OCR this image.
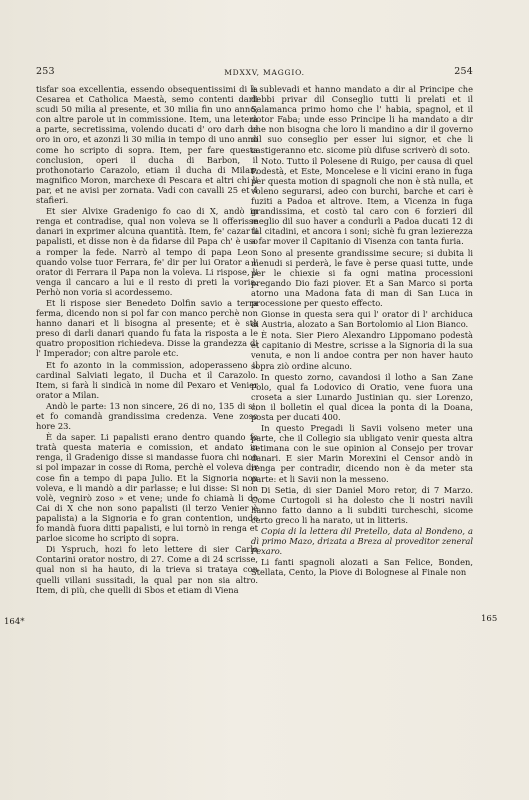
253	MDXXV, MAGGIO.	254

tisfar soa excellentia, essendo obsequentissimi di la Cesarea et Catholica Maestà, semo contenti darli scudi 50 milia al presente, et 30 milia fin uno anno; con altre parole ut in commissione. Item, una letera a parte, secretissima, volendo ducati d' oro darh de oro in oro, et azonzi li 30 milia in tempo di uno anno come ho scripto di sopra. Item, per fare questa conclusion, operi il ducha di Barbon, il prothonotario Carazolo, etiam il ducha di Milan, magnifico Moron, marchexe di Pescara et altri chi li par, et ne avisi per zornata. Vadi con cavalli 25 et 4 stafieri.

Et sier Alvixe Gradenigo fo cao di X, andò in renga et contradise, qual non voleva se li offerisse danari in exprimer alcuna quantità. Item, fe' cazar li papalisti, et disse non è da fidarse dil Papa ch' è uso a romper la fede. Narrò al tempo di papa Leon quando volse tuor Ferrara, fe' dir per lui Orator a l' orator di Ferrara il Papa non la voleva. Li rispose, li venga il cancaro a lui e il resto di preti la voria. Perhò non voria si acordessemo.

Et li rispose sier Benedeto Dolfin savio a terra ferma, dicendo non si pol far con manco perchè non hanno danari et li bisogna al presente; et è stà preso di darli danari quando fu fata la risposta a le quatro proposition richiedeva. Disse la grandezza di l' Imperador; con altre parole etc.

Et fo azonto in la commission, adoperasseno il cardinal Salviati legato, il Ducha et il Carazolo. Item, si farà li sindicà in nome dil Pexaro et Venier orator a Milan.

Andò le parte: 13 non sincere, 26 di no, 135 di si; et fo comandà grandissima credenza. Vene zoso hore 23.

È da saper. Li papalisti erano dentro quando fo tratà questa materia e comission, et andato in renga, il Gradenigo disse si mandasse fuora chi non si pol impazar in cosse di Roma, perchè el voleva dir cose fin a tempo di papa Julio. Et la Signoria non voleva, e li mandò a dir parlasse; e lui disse: Si non volè, vegnirò zoso » et vene; unde fo chiamà li do Cai di X che non sono papalisti (il terzo Venier è papalista) a la Signoria e fo gran contention, unde fo mandà fuora ditti papalisti, e lui tornò in renga et parloe sicome ho scripto di sopra.

Di Yspruch, hozi fo leto lettere di sier Carlo Contarini orator nostro, di 27. Come a di 24 scrisse, qual non si ha hauto, di la trieva si trataya con quelli villani sussitadi, la qual par non sia altro. Item, di più, che quelli di Sbos et etiam di Viena

è sublevadi et hanno mandato a dir al Principe che debbi privar dil Conseglio tutti li prelati et il Salamanca primo homo che l' habia, spagnol, et il dotor Faba; unde esso Principe li ha mandato a dir che non bisogna che loro li mandino a dir il governo dil suo conseglio per esser lui signor, et che li castigeranno etc. sicome più difuse scriverò di soto.

Noto. Tutto il Polesene di Ruigo, per causa di quel Podestà, et Este, Moncelese e li vicini erano in fuga per questa motion di spagnoli che non è stà nulla, et voleno segurarsi, adeo con burchi, barche et cari è fuziti a Padoa et altrove. Item, a Vicenza in fuga grandissima, et costò tal caro con 6 forzieri dil meglio dil suo haver a condurli a Padoa ducati 12 di tal citadini, et ancora i soni; sichè fu gran lezierezza a far mover il Capitanio di Visenza con tanta furia.

Sono al presente grandissime secure; si dubita li menudi si perderà, le fave è perse quasi tutte, unde per le chiexie si fa ogni matina processioni pregando Dio fazi piover. Et a San Marco si porta atorno una Madona fata di man di San Luca in processione per questo effecto.

Gionse in questa sera qui l' orator di l' archiduca di Austria, alozato a San Bortolomio al Lion Bianco.

È nota. Sier Piero Alexandro Lippomano podestà et capitanio di Mestre, scrisse a la Signoria di la sua venuta, e non li andoe contra per non haver hauto sopra ziò ordine alcuno.

In questo zorno, cavandosi il lotho a San Zane Polo, qual fa Lodovico di Oratio, vene fuora una croseta a sier Lunardo Justinian qu. sier Lorenzo, con il bolletin el qual dicea la ponta di la Doana, posta per ducati 400.

In questo Pregadi li Savii volseno meter una parte, che il Collegio sia ubligato venir questa altra setimana con le sue opinion al Consejo per trovar danari. E sier Marin Morexini el Censor andò in renga per contradir, dicendo non è da meter sta parte: et li Savii non la messeno.

Di Setia, di sier Daniel Moro retor, di 7 Marzo. Come Curtogoli si ha dolesto che li nostri navili hanno fatto danno a li subditi turcheschi, sicome certo greco li ha narato, ut in litteris.

Copia di la lettera dil Pretello, data al Bondeno, a dì primo Mazo, drizata a Breza al proveditor zeneral Pexaro.

Li fanti spagnoli alozati a San Felice, Bonden, Stellata, Cento, la Piove di Bolognese al Finale non

164*	165
